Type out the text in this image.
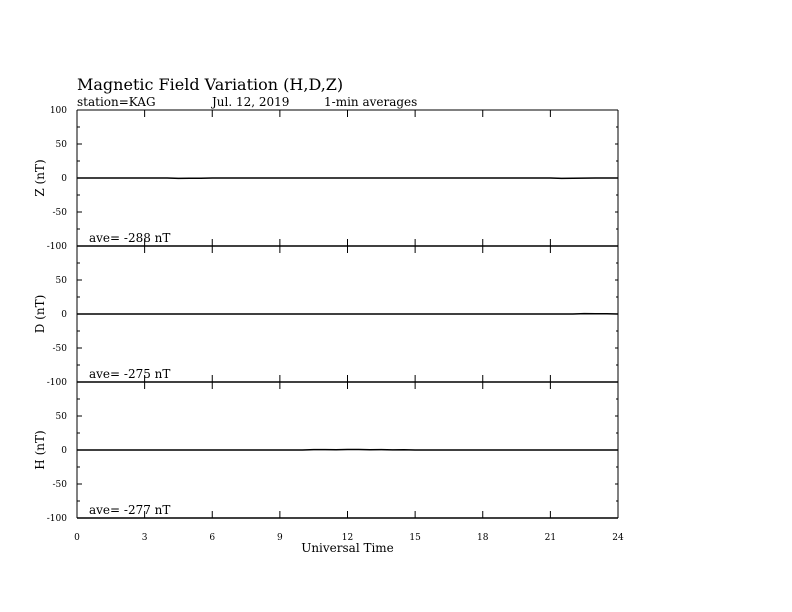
Magnetic Field Variation (H,D,Z)
station=KAG	Jul. 12, 2019	1-min averages
100
50
0
-50
-100
Z (nT)
ave= -288 nT
50
0
-50
-100
D (nT)
ave= -275 nT
50
0
-50
-100
H (nT)
ave= -277 nT
0	3	6	9	12	15	18	21	24
Universal Time
